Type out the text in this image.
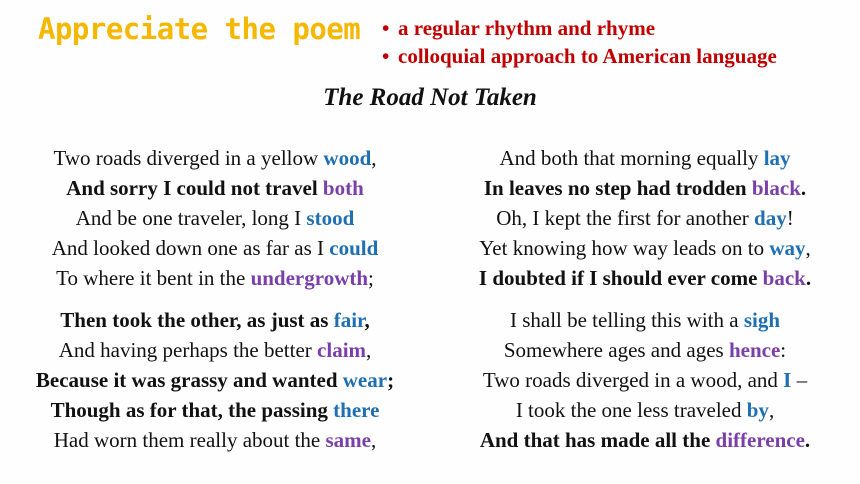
Appreciate the poem • a regular rhythm and rhyme
• colloquial approach to American language
The Road Not Taken
Two roads diverged in a yellow wood,
And sorry I could not travel both
And be one traveler, long I stood
And looked down one as far as I could
To where it bent in the undergrowth;
And both that morning equally lay
In leaves no step had trodden black.
Oh, I kept the first for another day!
Yet knowing how way leads on to way,
I doubted if I should ever come back.
Then took the other, as just as fair,
And having perhaps the better claim,
Because it was grassy and wanted wear;
Though as for that, the passing there
Had worn them really about the same,
I shall be telling this with a sigh
Somewhere ages and ages hence:
Two roads diverged in a wood, and I –
I took the one less traveled by,
And that has made all the difference.
